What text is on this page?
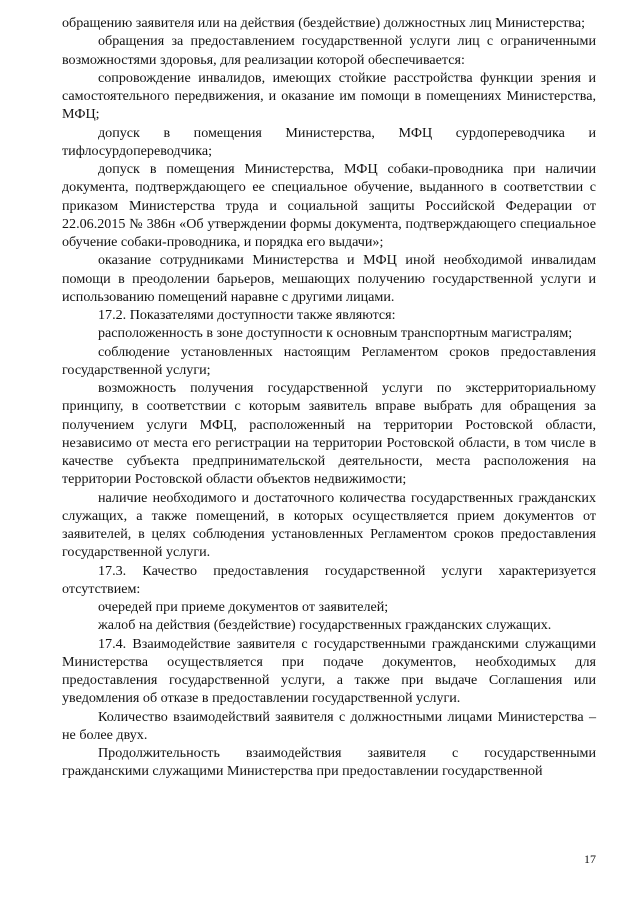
обращению заявителя или на действия (бездействие) должностных лиц Министерства;

обращения за предоставлением государственной услуги лиц с ограниченными возможностями здоровья, для реализации которой обеспечивается:

сопровождение инвалидов, имеющих стойкие расстройства функции зрения и самостоятельного передвижения, и оказание им помощи в помещениях Министерства, МФЦ;

допуск в помещения Министерства, МФЦ сурдопереводчика и тифлосурдопереводчика;

допуск в помещения Министерства, МФЦ собаки-проводника при наличии документа, подтверждающего ее специальное обучение, выданного в соответствии с приказом Министерства труда и социальной защиты Российской Федерации от 22.06.2015 № 386н «Об утверждении формы документа, подтверждающего специальное обучение собаки-проводника, и порядка его выдачи»;

оказание сотрудниками Министерства и МФЦ иной необходимой инвалидам помощи в преодолении барьеров, мешающих получению государственной услуги и использованию помещений наравне с другими лицами.

17.2. Показателями доступности также являются:

расположенность в зоне доступности к основным транспортным магистралям;

соблюдение установленных настоящим Регламентом сроков предоставления государственной услуги;

возможность получения государственной услуги по экстерриториальному принципу, в соответствии с которым заявитель вправе выбрать для обращения за получением услуги МФЦ, расположенный на территории Ростовской области, независимо от места его регистрации на территории Ростовской области, в том числе в качестве субъекта предпринимательской деятельности, места расположения на территории Ростовской области объектов недвижимости;

наличие необходимого и достаточного количества государственных гражданских служащих, а также помещений, в которых осуществляется прием документов от заявителей, в целях соблюдения установленных Регламентом сроков предоставления государственной услуги.

17.3. Качество предоставления государственной услуги характеризуется отсутствием:

очередей при приеме документов от заявителей;

жалоб на действия (бездействие) государственных гражданских служащих.

17.4. Взаимодействие заявителя с государственными гражданскими служащими Министерства осуществляется при подаче документов, необходимых для предоставления государственной услуги, а также при выдаче Соглашения или уведомления об отказе в предоставлении государственной услуги.

Количество взаимодействий заявителя с должностными лицами Министерства – не более двух.

Продолжительность взаимодействия заявителя с государственными гражданскими служащими Министерства при предоставлении государственной

17
